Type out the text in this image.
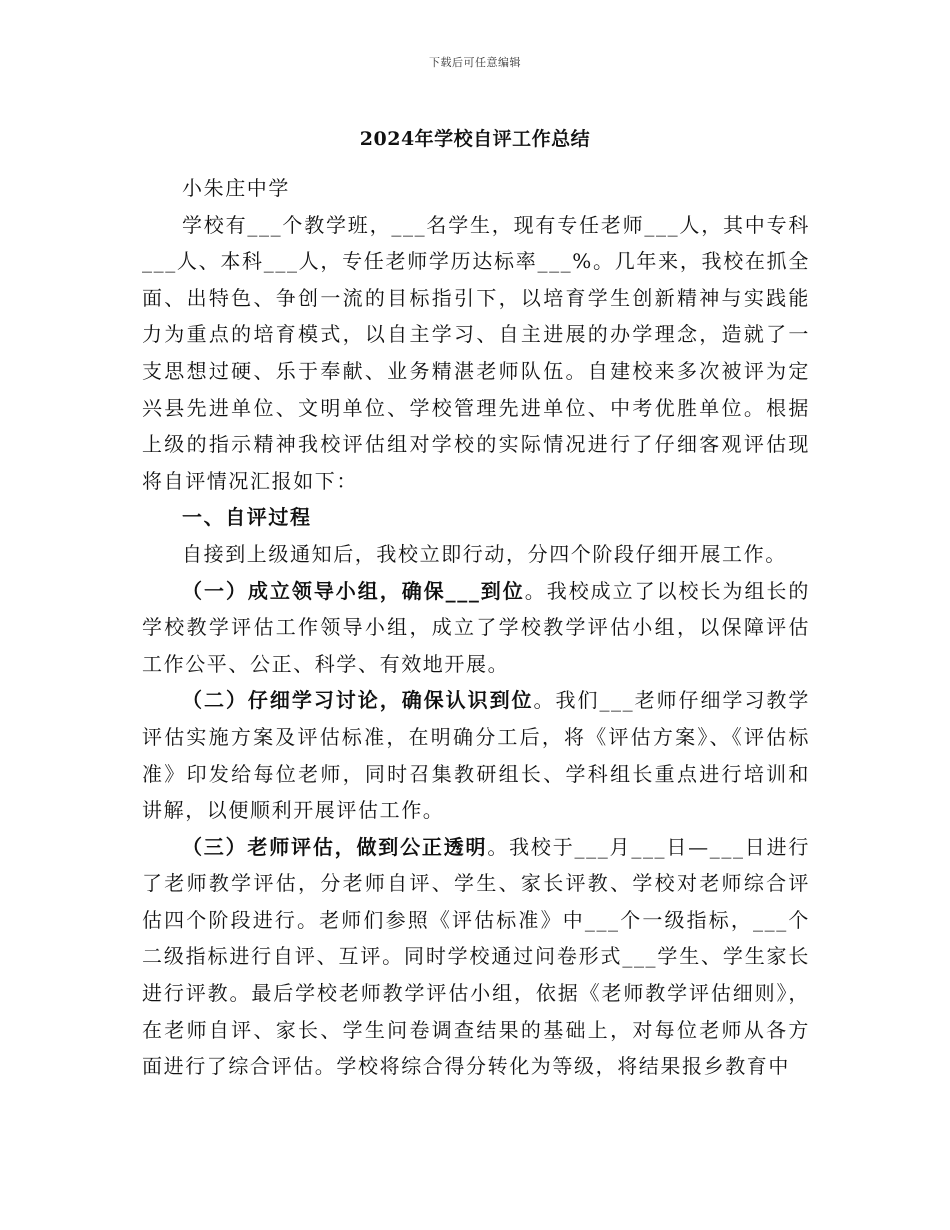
下载后可任意编辑
2024年学校自评工作总结

小朱庄中学

学校有___个教学班，___名学生，现有专任老师___人，其中专科___人、本科___人，专任老师学历达标率___%。几年来，我校在抓全面、出特色、争创一流的目标指引下，以培育学生创新精神与实践能力为重点的培育模式，以自主学习、自主进展的办学理念，造就了一支思想过硬、乐于奉献、业务精湛老师队伍。自建校来多次被评为定兴县先进单位、文明单位、学校管理先进单位、中考优胜单位。根据上级的指示精神我校评估组对学校的实际情况进行了仔细客观评估现将自评情况汇报如下：

一、自评过程

自接到上级通知后，我校立即行动，分四个阶段仔细开展工作。

（一）成立领导小组，确保___到位。我校成立了以校长为组长的学校教学评估工作领导小组，成立了学校教学评估小组，以保障评估工作公平、公正、科学、有效地开展。

（二）仔细学习讨论，确保认识到位。我们___老师仔细学习教学评估实施方案及评估标准，在明确分工后，将《评估方案》、《评估标准》印发给每位老师，同时召集教研组长、学科组长重点进行培训和讲解，以便顺利开展评估工作。

（三）老师评估，做到公正透明。我校于___月___日—___日进行了老师教学评估，分老师自评、学生、家长评教、学校对老师综合评估四个阶段进行。老师们参照《评估标准》中___个一级指标，___个二级指标进行自评、互评。同时学校通过问卷形式___学生、学生家长进行评教。最后学校老师教学评估小组，依据《老师教学评估细则》，在老师自评、家长、学生问卷调查结果的基础上，对每位老师从各方面进行了综合评估。学校将综合得分转化为等级，将结果报乡教育中
